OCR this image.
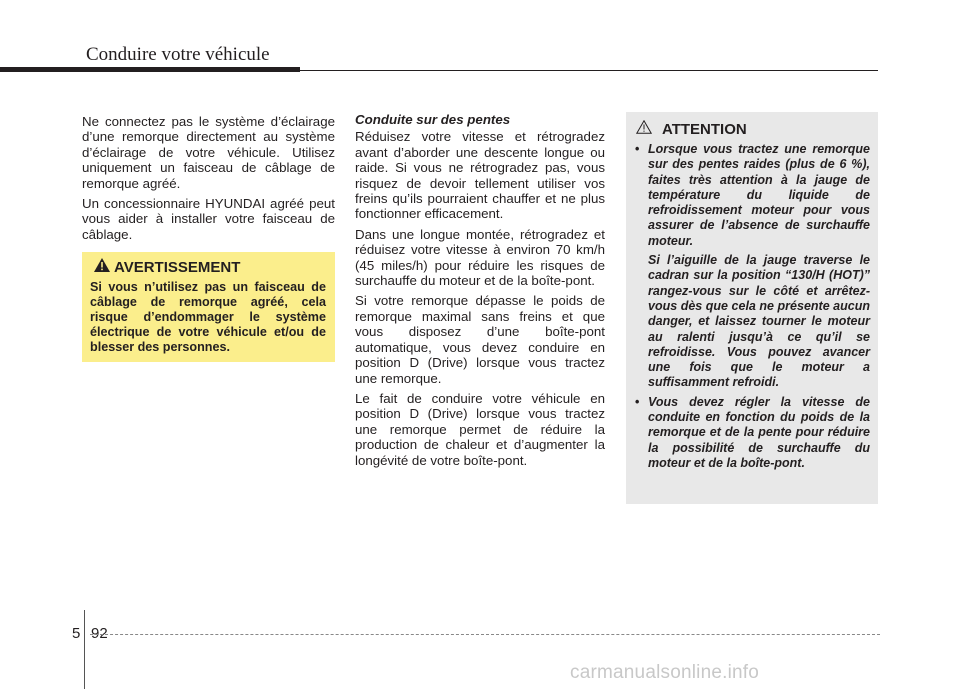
Conduire votre véhicule

Ne connectez pas le système d’éclairage d’une remorque directement au système d’éclairage de votre véhicule. Utilisez uniquement un faisceau de câblage de remorque agréé.

Un concessionnaire HYUNDAI agréé peut vous aider à installer votre faisceau de câblage.

AVERTISSEMENT
Si vous n’utilisez pas un faisceau de câblage de remorque agréé, cela risque d’endommager le système électrique de votre véhicule et/ou de blesser des personnes.
Conduite sur des pentes

Réduisez votre vitesse et rétrogradez avant d’aborder une descente longue ou raide. Si vous ne rétrogradez pas, vous risquez de devoir tellement utiliser vos freins qu’ils pourraient chauffer et ne plus fonctionner efficacement.

Dans une longue montée, rétrogradez et réduisez votre vitesse à environ 70 km/h (45 miles/h) pour réduire les risques de surchauffe du moteur et de la boîte-pont.

Si votre remorque dépasse le poids de remorque maximal sans freins et que vous disposez d’une boîte-pont automatique, vous devez conduire en position D (Drive) lorsque vous tractez une remorque.

Le fait de conduire votre véhicule en position D (Drive) lorsque vous tractez une remorque permet de réduire la production de chaleur et d’augmenter la longévité de votre boîte-pont.

ATTENTION
• Lorsque vous tractez une remorque sur des pentes raides (plus de 6 %), faites très attention à la jauge de température du liquide de refroidissement moteur pour vous assurer de l’absence de surchauffe moteur.

Si l’aiguille de la jauge traverse le cadran sur la position “130/H (HOT)” rangez-vous sur le côté et arrêtez-vous dès que cela ne présente aucun danger, et laissez tourner le moteur au ralenti jusqu’à ce qu’il se refroidisse. Vous pouvez avancer une fois que le moteur a suffisamment refroidi.

• Vous devez régler la vitesse de conduite en fonction du poids de la remorque et de la pente pour réduire la possibilité de surchauffe du moteur et de la boîte-pont.
5 92
carmanualsonline.info
